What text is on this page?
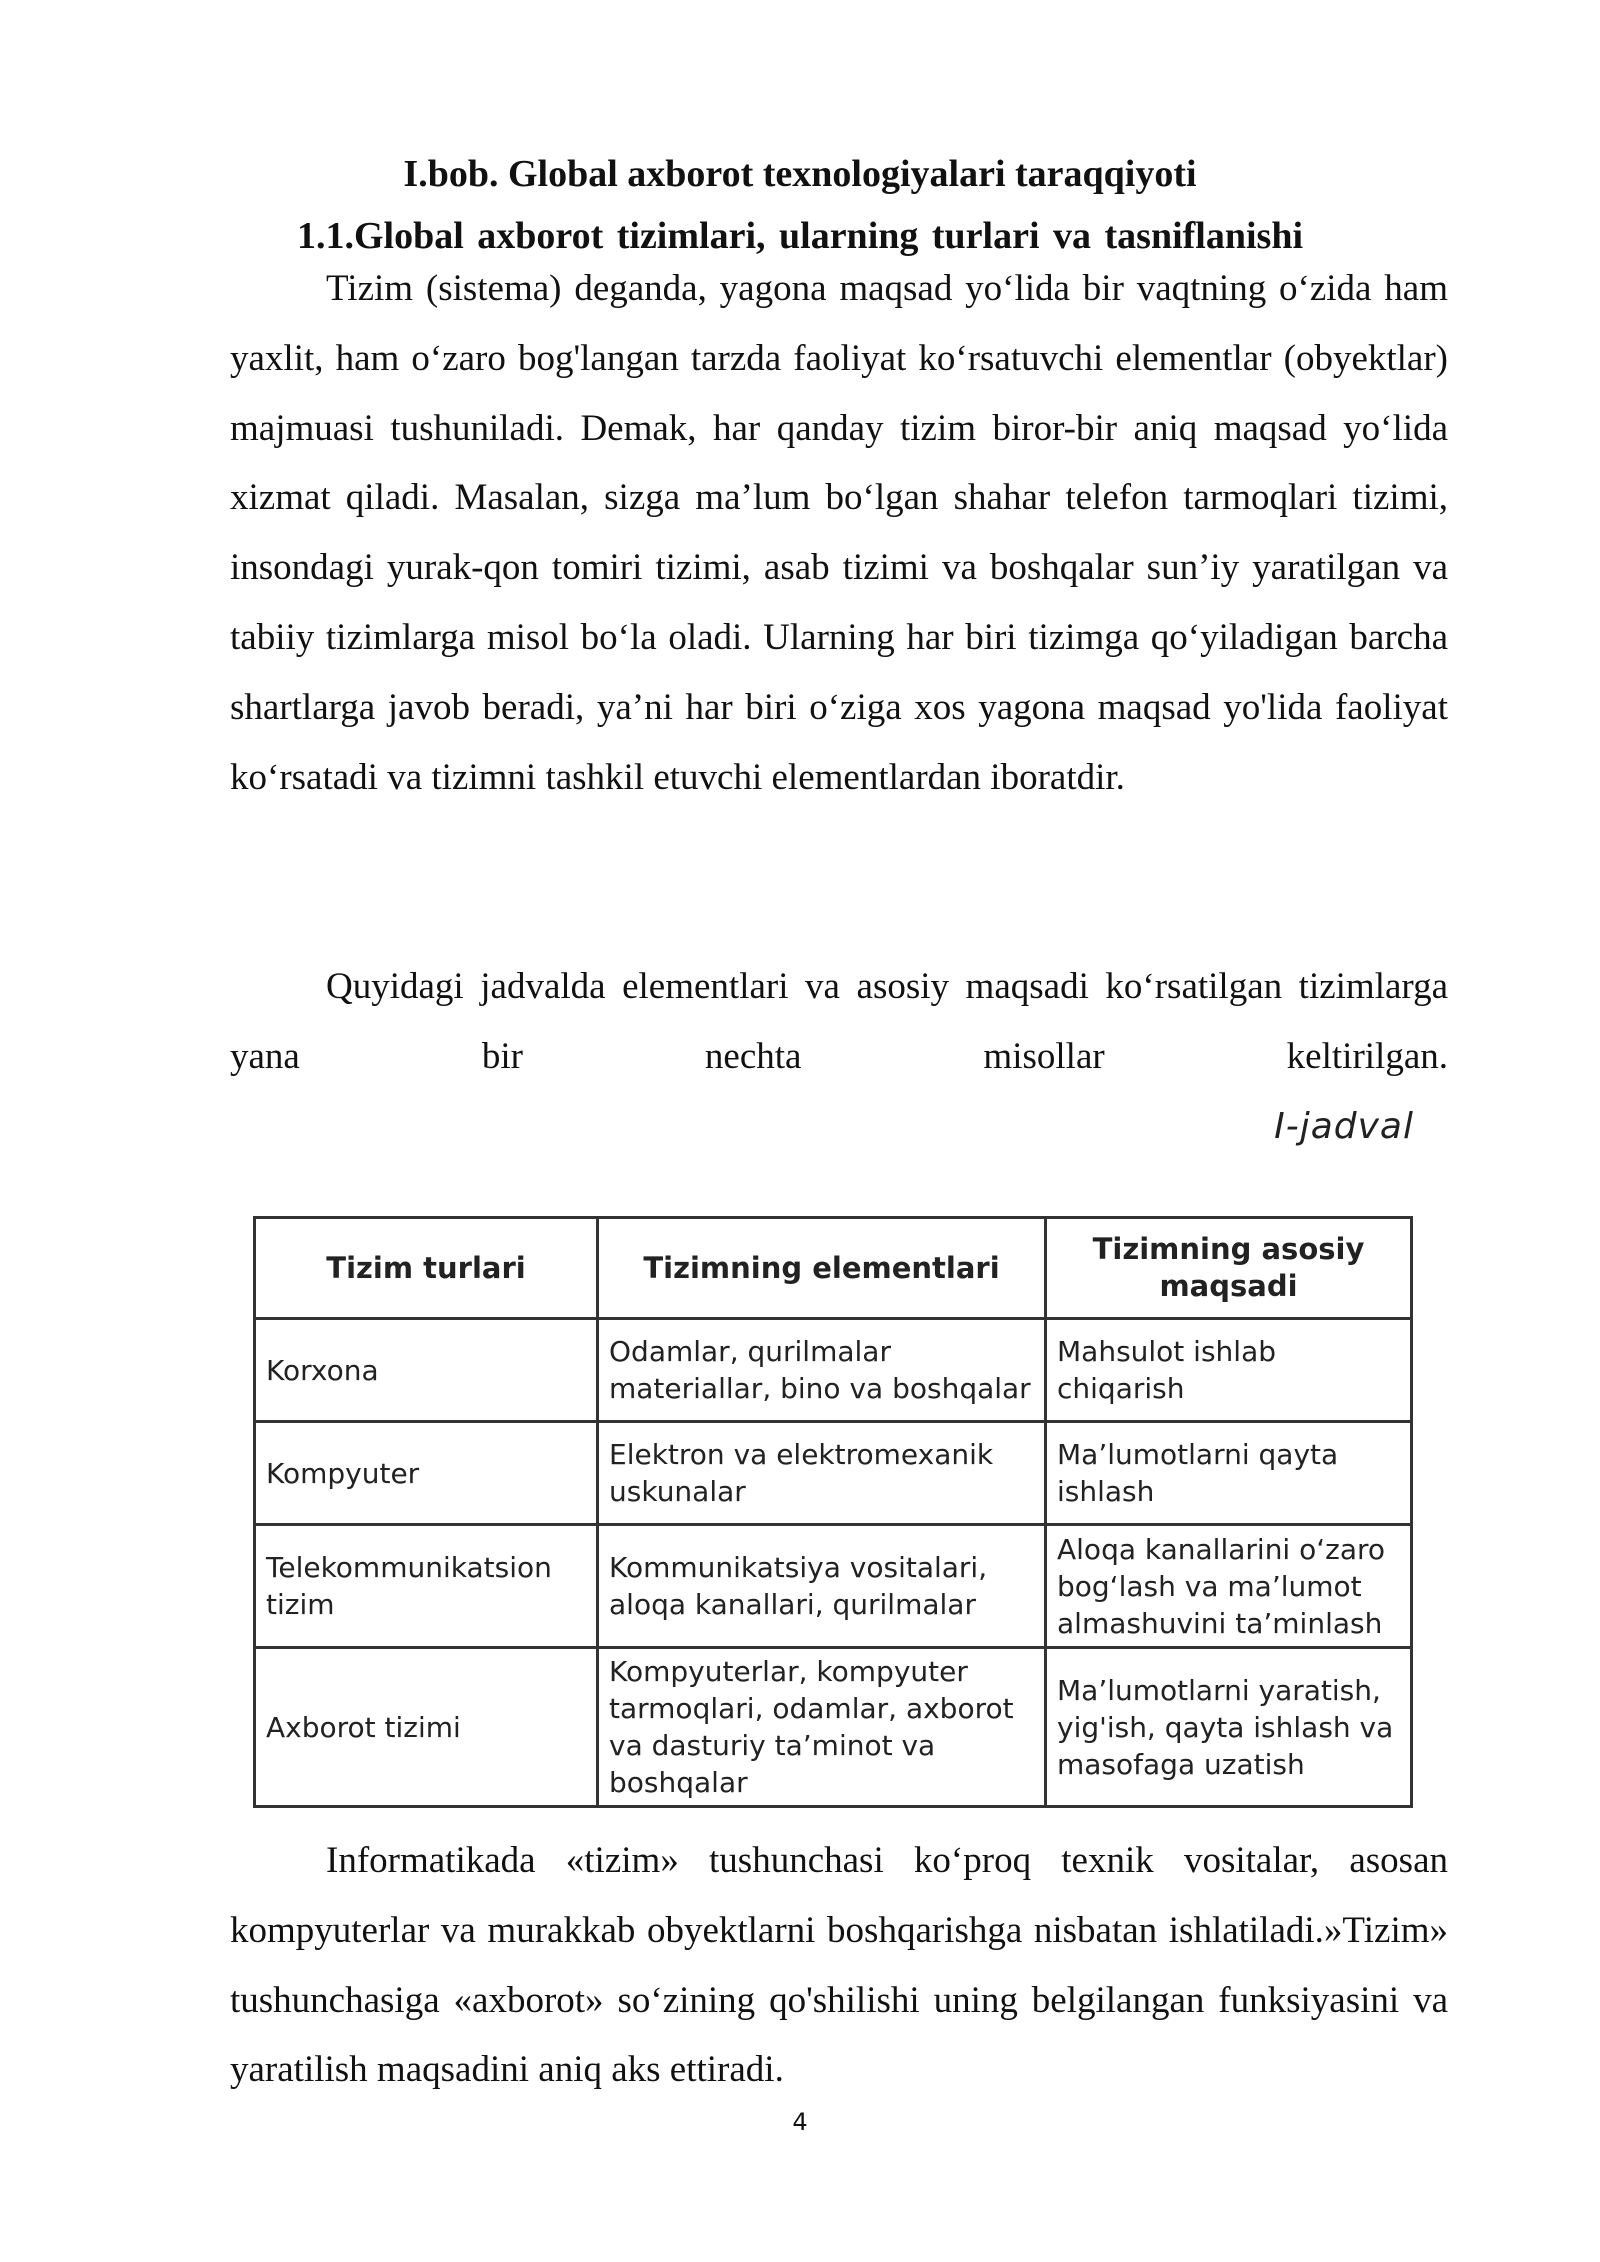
I.bob. Global axborot texnologiyalari taraqqiyoti
1.1.Global axborot tizimlari, ularning turlari va tasniflanishi
Tizim (sistema) deganda, yagona maqsad yo‘lida bir vaqtning o‘zida ham yaxlit, ham o‘zaro bog'langan tarzda faoliyat ko‘rsatuvchi elementlar (obyektlar) majmuasi tushuniladi. Demak, har qanday tizim biror-bir aniq maqsad yo‘lida xizmat qiladi. Masalan, sizga ma’lum bo‘lgan shahar telefon tarmoqlari tizimi, insondagi yurak-qon tomiri tizimi, asab tizimi va boshqalar sun’iy yaratilgan va tabiiy tizimlarga misol bo‘la oladi. Ularning har biri tizimga qo‘yiladigan barcha shartlarga javob beradi, ya’ni har biri o‘ziga xos yagona maqsad yo'lida faoliyat ko‘rsatadi va tizimni tashkil etuvchi elementlardan iboratdir.
Quyidagi jadvalda elementlari va asosiy maqsadi ko‘rsatilgan tizimlarga yana bir nechta misollar keltirilgan.
I-jadval
Tizim turlari	Tizimning elementlari	Tizimning asosiy maqsadi
Korxona	Odamlar, qurilmalar materiallar, bino va boshqalar	Mahsulot ishlab chiqarish
Kompyuter	Elektron va elektromexanik uskunalar	Ma’lumotlarni qayta ishlash
Telekommunikatsion tizim	Kommunikatsiya vositalari, aloqa kanallari, qurilmalar	Aloqa kanallarini o‘zaro bog‘lash va ma’lumot almashuvini ta’minlash
Axborot tizimi	Kompyuterlar, kompyuter tarmoqlari, odamlar, axborot va dasturiy ta’minot va boshqalar	Ma’lumotlarni yaratish, yig'ish, qayta ishlash va masofaga uzatish
Informatikada «tizim» tushunchasi ko‘proq texnik vositalar, asosan kompyuterlar va murakkab obyektlarni boshqarishga nisbatan ishlatiladi.»Tizim» tushunchasiga «axborot» so‘zining qo'shilishi uning belgilangan funksiyasini va yaratilish maqsadini aniq aks ettiradi.
4
